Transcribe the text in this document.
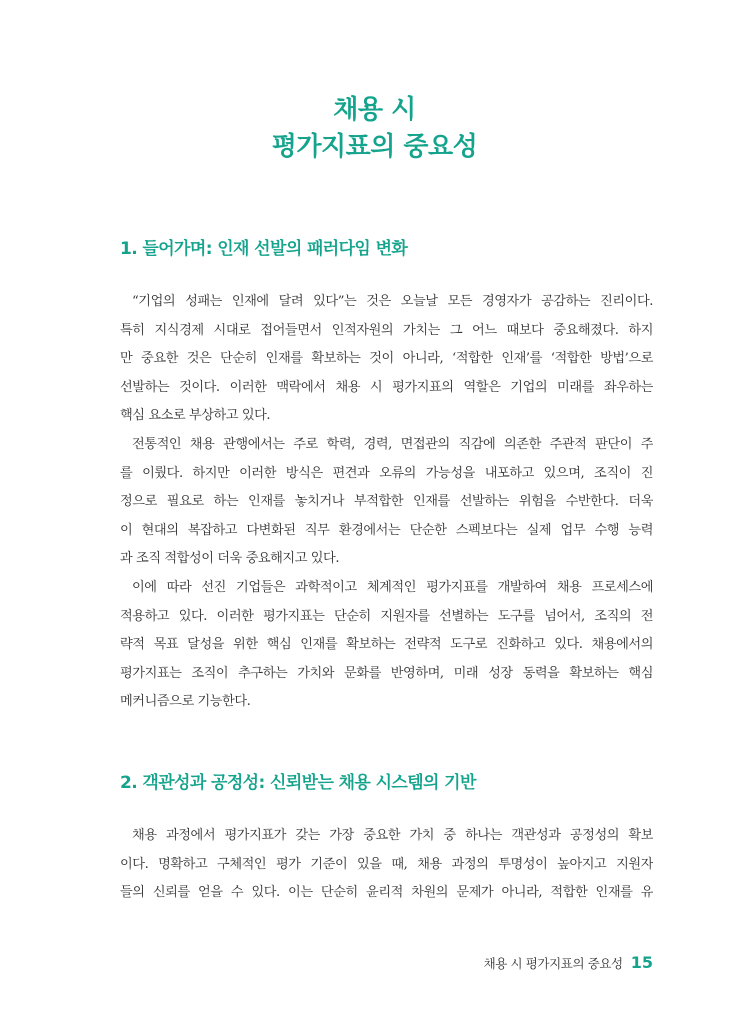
채용 시
평가지표의 중요성
1. 들어가며: 인재 선발의 패러다임 변화
“기업의 성패는 인재에 달려 있다”는 것은 오늘날 모든 경영자가 공감하는 진리이다.
특히 지식경제 시대로 접어들면서 인적자원의 가치는 그 어느 때보다 중요해졌다. 하지
만 중요한 것은 단순히 인재를 확보하는 것이 아니라, ‘적합한 인재’를 ‘적합한 방법’으로
선발하는 것이다. 이러한 맥락에서 채용 시 평가지표의 역할은 기업의 미래를 좌우하는
핵심 요소로 부상하고 있다.
전통적인 채용 관행에서는 주로 학력, 경력, 면접관의 직감에 의존한 주관적 판단이 주
를 이뤘다. 하지만 이러한 방식은 편견과 오류의 가능성을 내포하고 있으며, 조직이 진
정으로 필요로 하는 인재를 놓치거나 부적합한 인재를 선발하는 위험을 수반한다. 더욱
이 현대의 복잡하고 다변화된 직무 환경에서는 단순한 스펙보다는 실제 업무 수행 능력
과 조직 적합성이 더욱 중요해지고 있다.
이에 따라 선진 기업들은 과학적이고 체계적인 평가지표를 개발하여 채용 프로세스에
적용하고 있다. 이러한 평가지표는 단순히 지원자를 선별하는 도구를 넘어서, 조직의 전
략적 목표 달성을 위한 핵심 인재를 확보하는 전략적 도구로 진화하고 있다. 채용에서의
평가지표는 조직이 추구하는 가치와 문화를 반영하며, 미래 성장 동력을 확보하는 핵심
메커니즘으로 기능한다.
2. 객관성과 공정성: 신뢰받는 채용 시스템의 기반
채용 과정에서 평가지표가 갖는 가장 중요한 가치 중 하나는 객관성과 공정성의 확보
이다. 명확하고 구체적인 평가 기준이 있을 때, 채용 과정의 투명성이 높아지고 지원자
들의 신뢰를 얻을 수 있다. 이는 단순히 윤리적 차원의 문제가 아니라, 적합한 인재를 유
채용 시 평가지표의 중요성 15
